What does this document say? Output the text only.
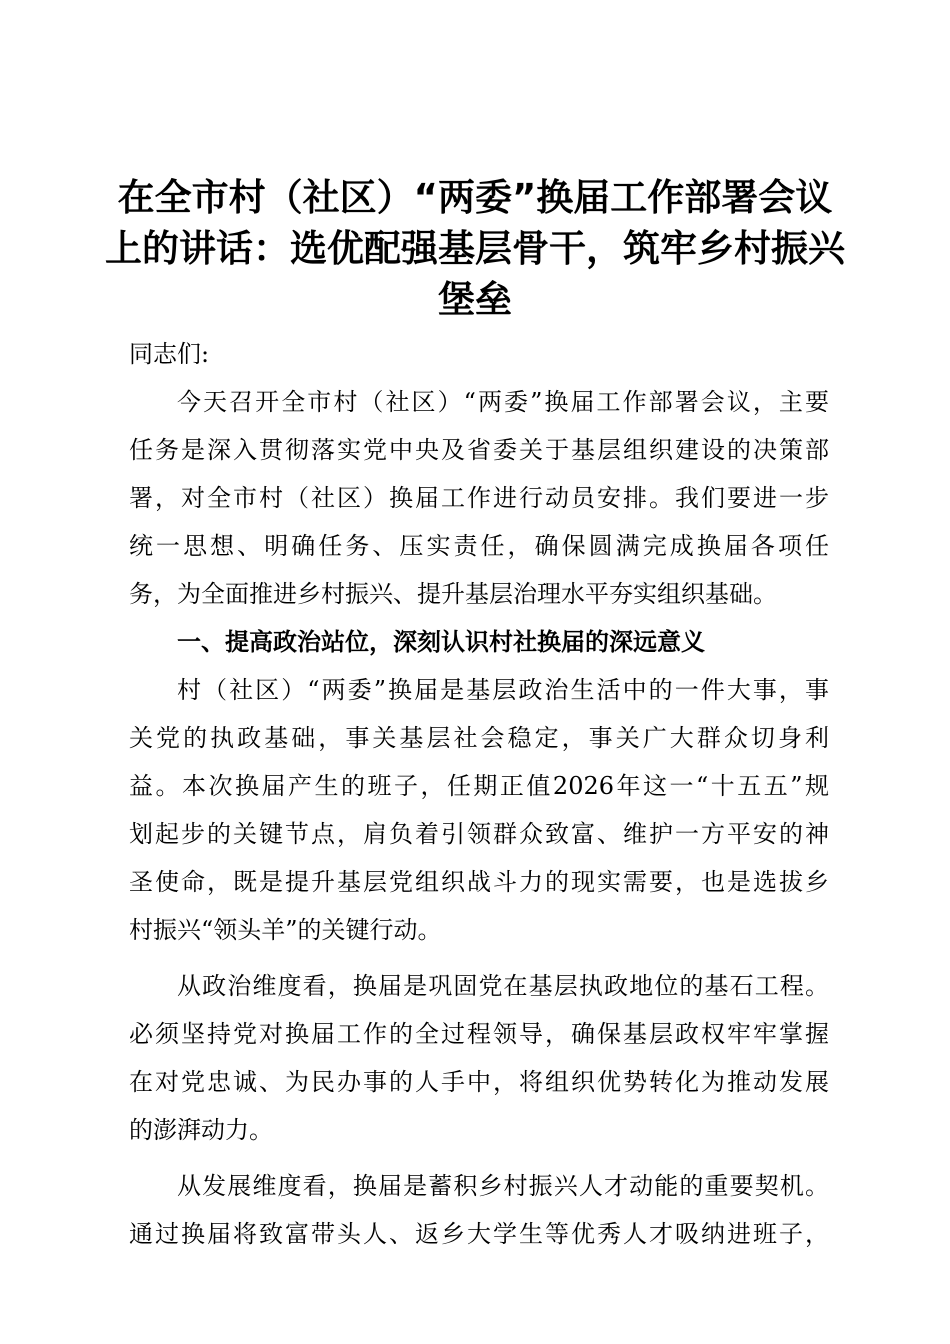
在全市村（社区）“两委”换届工作部署会议
上的讲话：选优配强基层骨干，筑牢乡村振兴
堡垒
同志们:
今天召开全市村（社区）“两委”换届工作部署会议，主要
任务是深入贯彻落实党中央及省委关于基层组织建设的决策部
署，对全市村（社区）换届工作进行动员安排。我们要进一步
统一思想、明确任务、压实责任，确保圆满完成换届各项任
务，为全面推进乡村振兴、提升基层治理水平夯实组织基础。
一、提高政治站位，深刻认识村社换届的深远意义
村（社区）“两委”换届是基层政治生活中的一件大事，事
关党的执政基础，事关基层社会稳定，事关广大群众切身利
益。本次换届产生的班子，任期正值2026年这一“十五五”规
划起步的关键节点，肩负着引领群众致富、维护一方平安的神
圣使命，既是提升基层党组织战斗力的现实需要，也是选拔乡
村振兴“领头羊”的关键行动。
从政治维度看，换届是巩固党在基层执政地位的基石工程。
必须坚持党对换届工作的全过程领导，确保基层政权牢牢掌握
在对党忠诚、为民办事的人手中，将组织优势转化为推动发展
的澎湃动力。
从发展维度看，换届是蓄积乡村振兴人才动能的重要契机。
通过换届将致富带头人、返乡大学生等优秀人才吸纳进班子，
